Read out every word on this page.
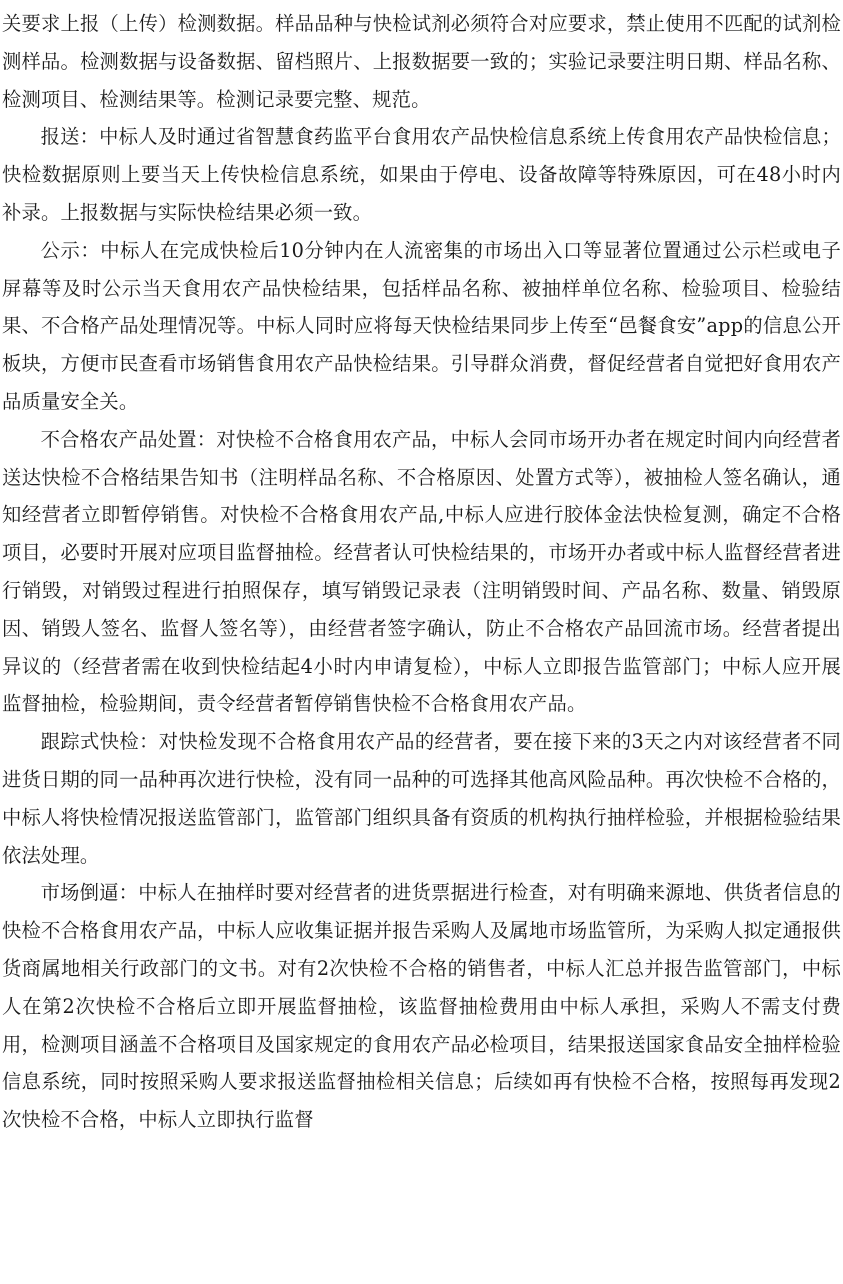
关要求上报（上传）检测数据。样品品种与快检试剂必须符合对应要求，禁止使用不匹配的试剂检测样品。检测数据与设备数据、留档照片、上报数据要一致的；实验记录要注明日期、样品名称、检测项目、检测结果等。检测记录要完整、规范。

报送：中标人及时通过省智慧食药监平台食用农产品快检信息系统上传食用农产品快检信息；快检数据原则上要当天上传快检信息系统，如果由于停电、设备故障等特殊原因，可在48小时内补录。上报数据与实际快检结果必须一致。

公示：中标人在完成快检后10分钟内在人流密集的市场出入口等显著位置通过公示栏或电子屏幕等及时公示当天食用农产品快检结果，包括样品名称、被抽样单位名称、检验项目、检验结果、不合格产品处理情况等。中标人同时应将每天快检结果同步上传至“邑餐食安”app的信息公开板块，方便市民查看市场销售食用农产品快检结果。引导群众消费，督促经营者自觉把好食用农产品质量安全关。

不合格农产品处置：对快检不合格食用农产品，中标人会同市场开办者在规定时间内向经营者送达快检不合格结果告知书（注明样品名称、不合格原因、处置方式等），被抽检人签名确认，通知经营者立即暂停销售。对快检不合格食用农产品,中标人应进行胶体金法快检复测，确定不合格项目，必要时开展对应项目监督抽检。经营者认可快检结果的，市场开办者或中标人监督经营者进行销毁，对销毁过程进行拍照保存，填写销毁记录表（注明销毁时间、产品名称、数量、销毁原因、销毁人签名、监督人签名等），由经营者签字确认，防止不合格农产品回流市场。经营者提出异议的（经营者需在收到快检结起4小时内申请复检），中标人立即报告监管部门；中标人应开展监督抽检，检验期间，责令经营者暂停销售快检不合格食用农产品。

跟踪式快检：对快检发现不合格食用农产品的经营者，要在接下来的3天之内对该经营者不同进货日期的同一品种再次进行快检，没有同一品种的可选择其他高风险品种。再次快检不合格的，中标人将快检情况报送监管部门，监管部门组织具备有资质的机构执行抽样检验，并根据检验结果依法处理。

市场倒逼：中标人在抽样时要对经营者的进货票据进行检查，对有明确来源地、供货者信息的快检不合格食用农产品，中标人应收集证据并报告采购人及属地市场监管所，为采购人拟定通报供货商属地相关行政部门的文书。对有2次快检不合格的销售者，中标人汇总并报告监管部门，中标人在第2次快检不合格后立即开展监督抽检，该监督抽检费用由中标人承担，采购人不需支付费用，检测项目涵盖不合格项目及国家规定的食用农产品必检项目，结果报送国家食品安全抽样检验信息系统，同时按照采购人要求报送监督抽检相关信息；后续如再有快检不合格，按照每再发现2次快检不合格，中标人立即执行监督
